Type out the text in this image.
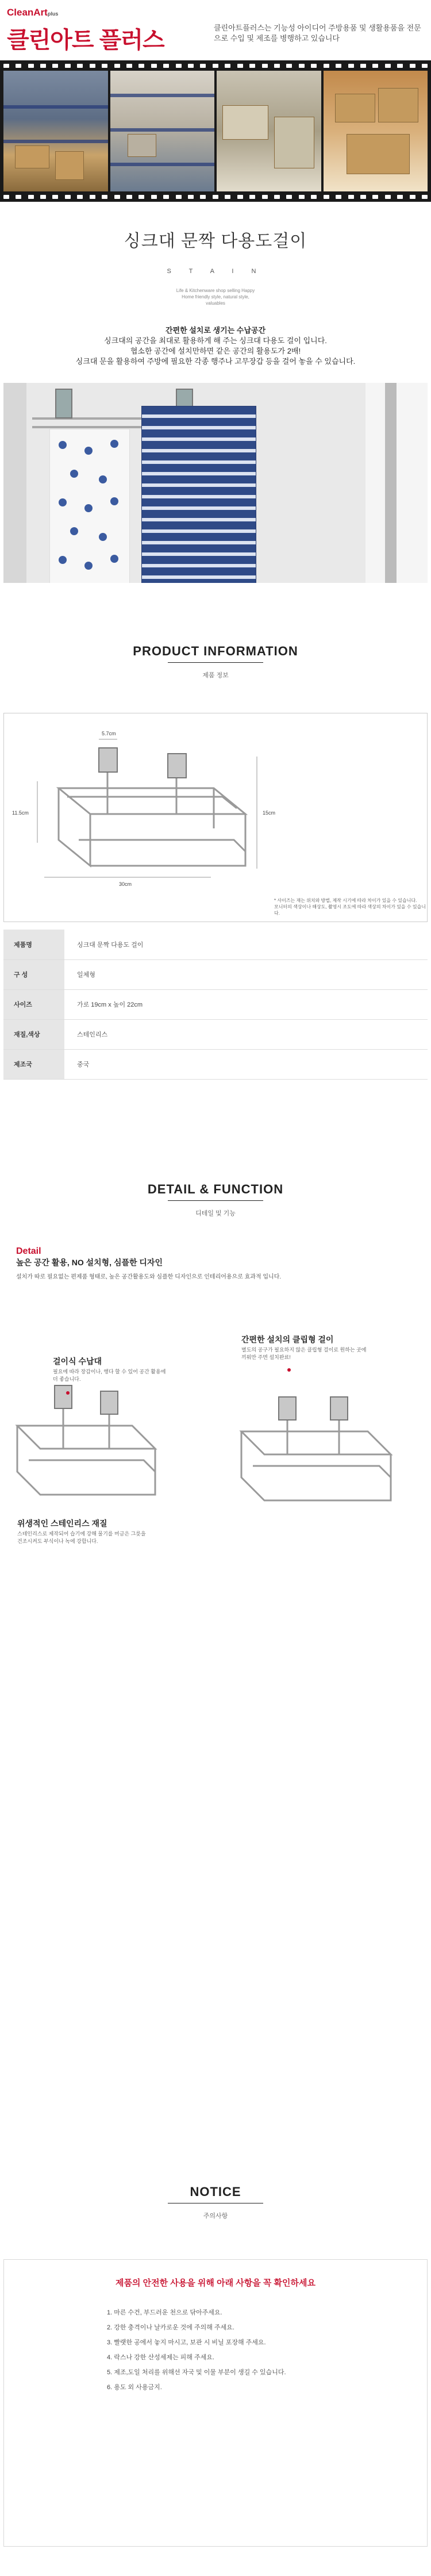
CleanArtplus
클린아트 플러스	클린아트플러스는 기능성 아이디어 주방용품 및 생활용품을 전문으로 수입 및 제조를 병행하고 있습니다
싱크대 문짝 다용도걸이
S T A I N
Life & Kitchenware shop selling Happy Home friendly style, natural style, valuables
간편한 설치로 생기는 수납공간
싱크대의 공간을 최대로 활용하게 해 주는 싱크대 다용도 걸이 입니다.
협소한 공간에 설치만하면 같은 공간의 활용도가 2배!
싱크대 문을 활용하여 주방에 필요한 각종 행주나 고무장갑 등을 걸어 놓을 수 있습니다.
PRODUCT INFORMATION
제품 정보
5.7cm
11.5cm
30cm
15cm
* 사이즈는 재는 위치와 방법, 제작 시기에 따라 차이가 있을 수 있습니다.
모니터의 색상이나 해상도, 촬영시 조도에 따라 색상의 차이가 있을 수 있습니다.
제품명	싱크대 문짝 다용도 걸이
구 성	일체형
사이즈	가로 19cm x 높이 22cm
재질,색상	스테인리스
제조국	중국
DETAIL & FUNCTION
디테일 및 기능
Detail
높은 공간 활용, NO 설치형, 심플한 디자인
설치가 따로 필요없는 편제품 형태로, 높은 공간활용도와 심플한 디자인으로 인테리어용으로 효과적 입니다.
걸이식 수납대
필요에 따라 장갑이나, 행다 할 수 있어 공간 활용에 더 좋습니다.
간편한 설치의 클립형 걸이
별도의 공구가 필요하지 않은 클립형 걸이로 원하는 곳에 끼워만 주면 설치완료!
위생적인 스테인리스 재질
스테인리스로 제작되어 습기에 강해 물기를 머금은 그릇을 건조시켜도 부식이나 녹에 강합니다.
NOTICE
주의사항
제품의 안전한 사용을 위해 아래 사항을 꼭 확인하세요
1. 마른 수건, 부드러운 천으로 닦아주세요.
2. 강한 충격이나 날카로운 것에 주의해 주세요.
3. 빨랫한 공에서 놓지 마시고, 보관 시 비닐 포장해 주세요.
4. 락스나 강한 산성세제는 피해 주세요.
5. 제조,도일 처리를 위해선 자국 및 이물 부분이 생길 수 있습니다.
6. 용도 외 사용금지.
